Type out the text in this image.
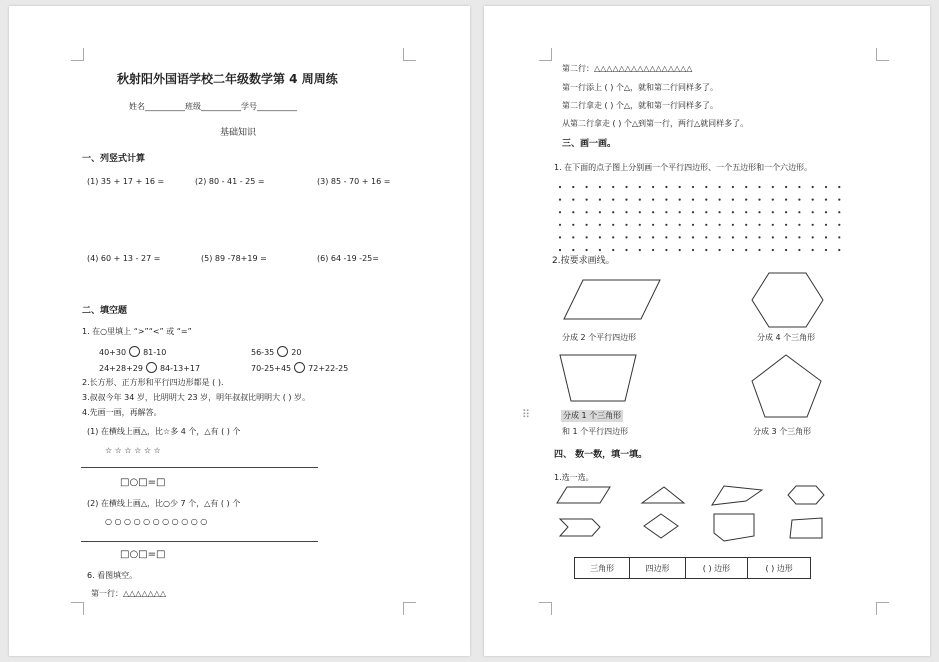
秋射阳外国语学校二年级数学第 4 周周练
姓名__________班级__________学号__________
基础知识
一、列竖式计算
(1) 35 + 17 + 16 =	(2) 80 - 41 - 25 =	(3) 85 - 70 + 16 =
(4) 60 + 13 - 27 =	(5) 89 -78+19 =	(6) 64 -19 -25=
二、填空题
1. 在○里填上 “>”“<” 或 “=”
40+30 81-10	56-35 20
24+28+29 84-13+17	70-25+45 72+22-25
2.长方形、正方形和平行四边形都是 ( ).
3.叔叔今年 34 岁，比明明大 23 岁，明年叔叔比明明大 ( ) 岁。
4.先画一画，再解答。
(1) 在横线上画△，比☆多 4 个，△有 ( ) 个
☆ ☆ ☆ ☆ ☆ ☆
□○□=□
(2) 在横线上画△，比○少 7 个，△有 ( ) 个
○ ○ ○ ○ ○ ○ ○ ○ ○ ○ ○
□○□=□
6. 看图填空。
第一行：△△△△△△△
第二行：△△△△△△△△△△△△△△△△
第一行添上 ( ) 个△，就和第二行同样多了。
第二行拿走 ( ) 个△，就和第一行同样多了。
从第二行拿走 ( ) 个△到第一行，两行△就同样多了。
三、画一画。
1. 在下面的点子图上分别画一个平行四边形、一个五边形和一个六边形。
2.按要求画线。
分成 2 个平行四边形	分成 4 个三角形
分成 1 个三角形
和 1 个平行四边形	分成 3 个三角形
⠿
四、 数一数，填一填。
1.选一选。
三角形	四边形	( ) 边形	( ) 边形
